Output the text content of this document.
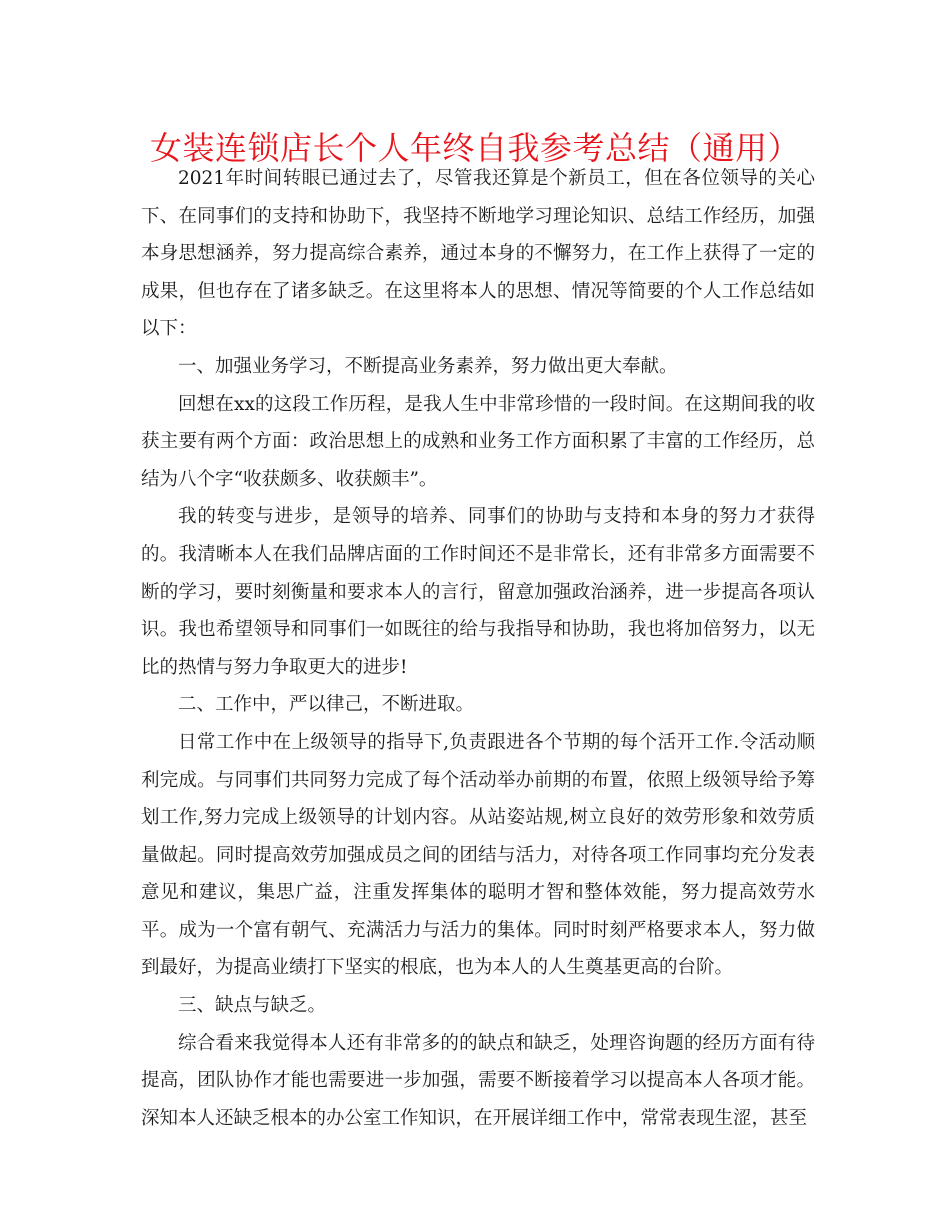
女装连锁店长个人年终自我参考总结（通用）

2021年时间转眼已通过去了，尽管我还算是个新员工，但在各位领导的关心下、在同事们的支持和协助下，我坚持不断地学习理论知识、总结工作经历，加强本身思想涵养，努力提高综合素养，通过本身的不懈努力，在工作上获得了一定的成果，但也存在了诸多缺乏。在这里将本人的思想、情况等简要的个人工作总结如以下：

一、加强业务学习，不断提高业务素养，努力做出更大奉献。

回想在xx的这段工作历程，是我人生中非常珍惜的一段时间。在这期间我的收获主要有两个方面：政治思想上的成熟和业务工作方面积累了丰富的工作经历，总结为八个字“收获颇多、收获颇丰”。

我的转变与进步，是领导的培养、同事们的协助与支持和本身的努力才获得的。我清晰本人在我们品牌店面的工作时间还不是非常长，还有非常多方面需要不断的学习，要时刻衡量和要求本人的言行，留意加强政治涵养，进一步提高各项认识。我也希望领导和同事们一如既往的给与我指导和协助，我也将加倍努力，以无比的热情与努力争取更大的进步!

二、工作中，严以律己，不断进取。

日常工作中在上级领导的指导下,负责跟进各个节期的每个活开工作.令活动顺利完成。与同事们共同努力完成了每个活动举办前期的布置，依照上级领导给予筹划工作,努力完成上级领导的计划内容。从站姿站规,树立良好的效劳形象和效劳质量做起。同时提高效劳加强成员之间的团结与活力，对待各项工作同事均充分发表意见和建议，集思广益，注重发挥集体的聪明才智和整体效能，努力提高效劳水平。成为一个富有朝气、充满活力与活力的集体。同时时刻严格要求本人，努力做到最好，为提高业绩打下坚实的根底，也为本人的人生奠基更高的台阶。

三、缺点与缺乏。

综合看来我觉得本人还有非常多的的缺点和缺乏，处理咨询题的经历方面有待提高，团队协作才能也需要进一步加强，需要不断接着学习以提高本人各项才能。深知本人还缺乏根本的办公室工作知识，在开展详细工作中，常常表现生涩，甚至
